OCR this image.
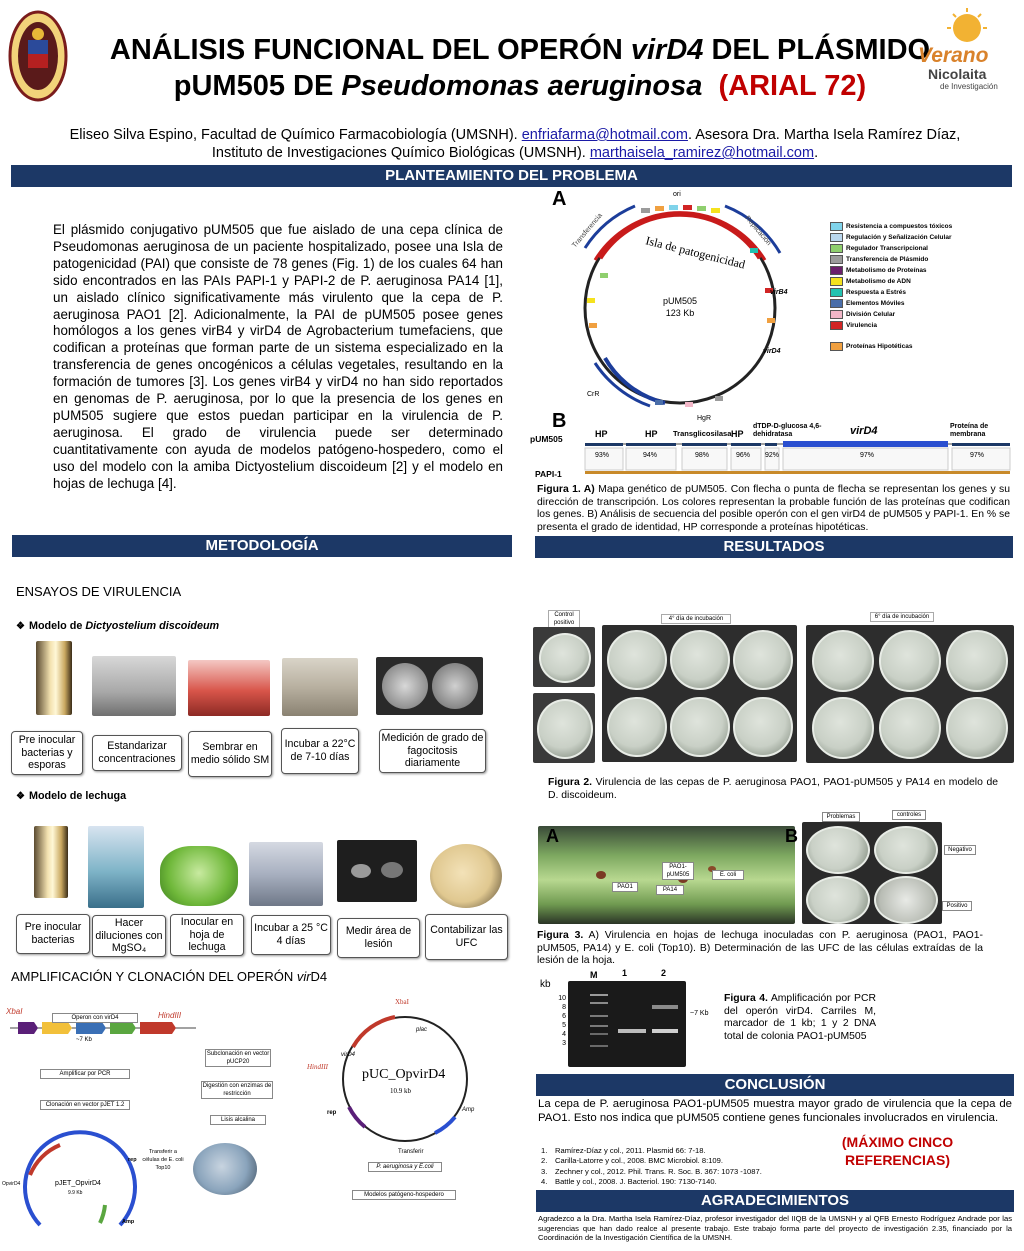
ANÁLISIS FUNCIONAL DEL OPERÓN virD4 DEL PLÁSMIDO
pUM505 DE Pseudomonas aeruginosa (ARIAL 72)
Verano
Nicolaita
de Investigación
Eliseo Silva Espino, Facultad de Químico Farmacobiología (UMSNH). enfriafarma@hotmail.com. Asesora Dra. Martha Isela Ramírez Díaz,
Instituto de Investigaciones Químico Biológicas (UMSNH). marthaisela_ramirez@hotmail.com.
PLANTEAMIENTO DEL PROBLEMA
El plásmido conjugativo pUM505 que fue aislado de una cepa clínica de Pseudomonas aeruginosa de un paciente hospitalizado, posee una Isla de patogenicidad (PAI) que consiste de 78 genes (Fig. 1) de los cuales 64 han sido encontrados en las PAIs PAPI-1 y PAPI-2 de P. aeruginosa PA14 [1], un aislado clínico significativamente más virulento que la cepa de P. aeruginosa PAO1 [2]. Adicionalmente, la PAI de pUM505 posee genes homólogos a los genes virB4 y virD4 de Agrobacterium tumefaciens, que codifican a proteínas que forman parte de un sistema especializado en la transferencia de genes oncogénicos a células vegetales, resultando en la formación de tumores [3]. Los genes virB4 y virD4 no han sido reportados en genomas de P. aeruginosa, por lo que la presencia de los genes en pUM505 sugiere que estos puedan participar en la virulencia de P. aeruginosa. El grado de virulencia puede ser determinado cuantitativamente con ayuda de modelos patógeno-hospedero, como el uso del modelo con la amiba Dictyostelium discoideum [2] y el modelo en hojas de lechuga [4].
A
pUM505
123 Kb
Isla de patogenicidad
ori
Transferencia	Replicación
virB4
virD4
CrR
HgR
Resistencia a compuestos tóxicos
Regulación y Señalización Celular
Regulador Transcripcional
Transferencia de Plásmido
Metabolismo de Proteínas
Metabolismo de ADN
Respuesta a Estrés
Elementos Móviles
División Celular
Virulencia
Proteínas Hipotéticas
B
pUM505
PAPI-1
HP	HP Transglicosilasa HP
dTDP-D-glucosa 4,6-dehidratasa	virD4	Proteína de membrana
93%	94%	98%	96% 92%	97%	97%
Figura 1. A) Mapa genético de pUM505. Con flecha o punta de flecha se representan los genes y su dirección de transcripción. Los colores representan la probable función de las proteínas que codifican los genes. B) Análisis de secuencia del posible operón con el gen virD4 de pUM505 y PAPI-1. En % se presenta el grado de identidad, HP corresponde a proteínas hipotéticas.
METODOLOGÍA	RESULTADOS
ENSAYOS DE VIRULENCIA
❖ Modelo de Dictyostelium discoideum
Pre inocular bacterias y esporas
Estandarizar concentraciones
Sembrar en medio sólido SM
Incubar a 22°C de 7-10 días
Medición de grado de fagocitosis diariamente
❖ Modelo de lechuga
Pre inocular bacterias
Hacer diluciones con MgSO₄
Inocular en hoja de lechuga
Incubar a 25 °C 4 días
Medir área de lesión
Contabilizar las UFC
AMPLIFICACIÓN Y CLONACIÓN DEL OPERÓN virD4
XbaI	HindIII
Operon con virD4
~7 Kb
Amplificar por PCR
Clonación en vector pJET 1.2
pJET_OpvirD4
9.9 Kb
OpvirD4
rep
Amp
Transferir a células de E. coli Top10
Subclonación en vector pUCP20
Digestión con enzimas de restricción
Lisis alcalina
XbaI
HindIII
plac
virD4
pUC_OpvirD4
10.9 kb
rep	Amp
Transferir
P. aeruginosa y E.coli
Modelos patógeno-hospedero
Control positivo
4° día de incubación	6° día de incubación
Figura 2. Virulencia de las cepas de P. aeruginosa PAO1, PAO1-pUM505 y PA14 en modelo de D. discoideum.
A
PAO1-pUM505	E. coli
PAO1	PA14
B
Problemas	controles
Negativo
Positivo
Figura 3. A) Virulencia en hojas de lechuga inoculadas con P. aeruginosa (PAO1, PAO1-pUM505, PA14) y E. coli (Top10). B) Determinación de las UFC de las células extraídas de la lesión de la hoja.
kb
M	1	2
10
8
6
5
4
3
~7 Kb
Figura 4. Amplificación por PCR del operón virD4. Carriles M, marcador de 1 kb; 1 y 2 DNA total de colonia PAO1-pUM505
CONCLUSIÓN
La cepa de P. aeruginosa PAO1-pUM505 muestra mayor grado de virulencia que la cepa de PAO1. Esto nos indica que pUM505 contiene genes funcionales involucrados en virulencia.
1. Ramírez-Díaz y col., 2011. Plasmid 66: 7-18.
2. Carilla-Latorre y col., 2008. BMC Microbiol. 8:109.
3. Zechner y col., 2012. Phil. Trans. R. Soc. B. 367: 1073 -1087.
4. Battle y col., 2008. J. Bacteriol. 190: 7130-7140.
(MÁXIMO CINCO REFERENCIAS)
AGRADECIMIENTOS
Agradezco a la Dra. Martha Isela Ramírez-Díaz, profesor investigador del IIQB de la UMSNH y al QFB Ernesto Rodríguez Andrade por las sugerencias que han dado realce al presente trabajo. Este trabajo forma parte del proyecto de investigación 2.35, financiado por la Coordinación de la Investigación Científica de la UMSNH.
